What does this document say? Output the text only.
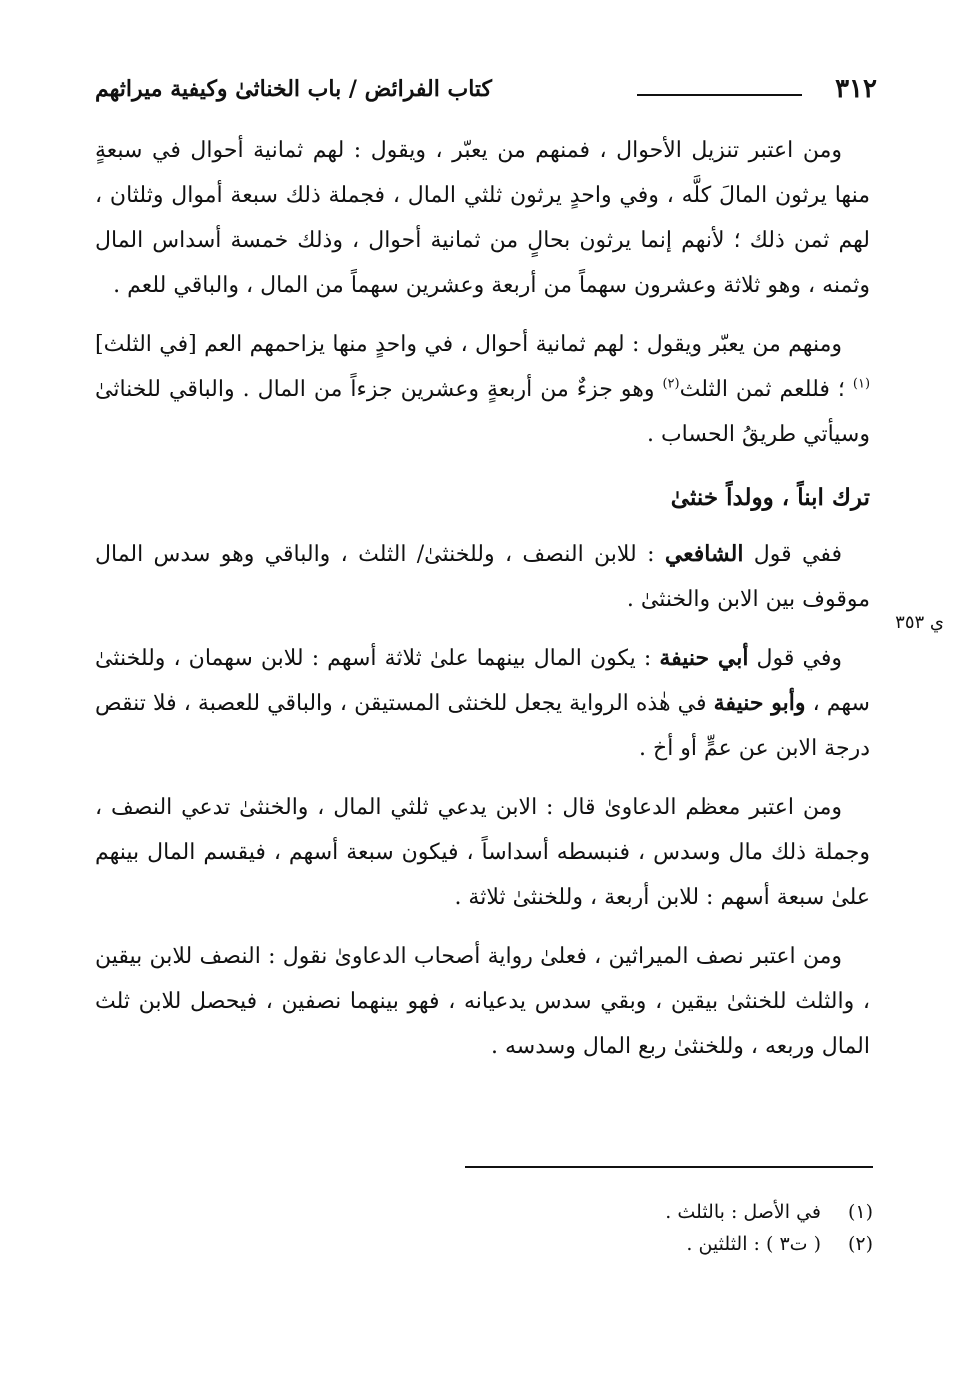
٣١٢
كتاب الفرائض / باب الخناثىٰ وكيفية ميراثهم
ي ٣٥٣

ومن اعتبر تنزيل الأحوال ، فمنهم من يعبّر ، ويقول : لهم ثمانية أحوال في سبعةٍ منها يرثون المالَ كلَّه ، وفي واحدٍ يرثون ثلثي المال ، فجملة ذلك سبعة أموال وثلثان ، لهم ثمن ذلك ؛ لأنهم إنما يرثون بحالٍ من ثمانية أحوال ، وذلك خمسة أسداس المال وثمنه ، وهو ثلاثة وعشرون سهماً من أربعة وعشرين سهماً من المال ، والباقي للعم .

ومنهم من يعبّر ويقول : لهم ثمانية أحوال ، في واحدٍ منها يزاحمهم العم [في الثلث]$^{(١)}$ ؛ فللعم ثمن الثلث$^{(٢)}$ وهو جزءٌ من أربعةٍ وعشرين جزءاً من المال . والباقي للخناثىٰ وسيأتي طريقُ الحساب .

ترك ابناً ، وولداً خنثىٰ

ففي قول الشافعي : للابن النصف ، وللخنثىٰ/ الثلث ، والباقي وهو سدس المال موقوف بين الابن والخنثىٰ .

وفي قول أبي حنيفة : يكون المال بينهما علىٰ ثلاثة أسهم : للابن سهمان ، وللخنثىٰ سهم ، وأبو حنيفة في هٰذه الرواية يجعل للخنثى المستيقن ، والباقي للعصبة ، فلا تنقص درجة الابن عن عمٍّ أو أخ .

ومن اعتبر معظم الدعاوىٰ قال : الابن يدعي ثلثي المال ، والخنثىٰ تدعي النصف ، وجملة ذلك مال وسدس ، فنبسطه أسداساً ، فيكون سبعة أسهم ، فيقسم المال بينهم علىٰ سبعة أسهم : للابن أربعة ، وللخنثىٰ ثلاثة .

ومن اعتبر نصف الميراثين ، فعلىٰ رواية أصحاب الدعاوىٰ نقول : النصف للابن بيقين ، والثلث للخنثىٰ بيقين ، وبقي سدس يدعيانه ، فهو بينهما نصفين ، فيحصل للابن ثلث المال وربعه ، وللخنثىٰ ربع المال وسدسه .

(١)في الأصل : بالثلث .
(٢)( ت٣ ) : الثلثين .
